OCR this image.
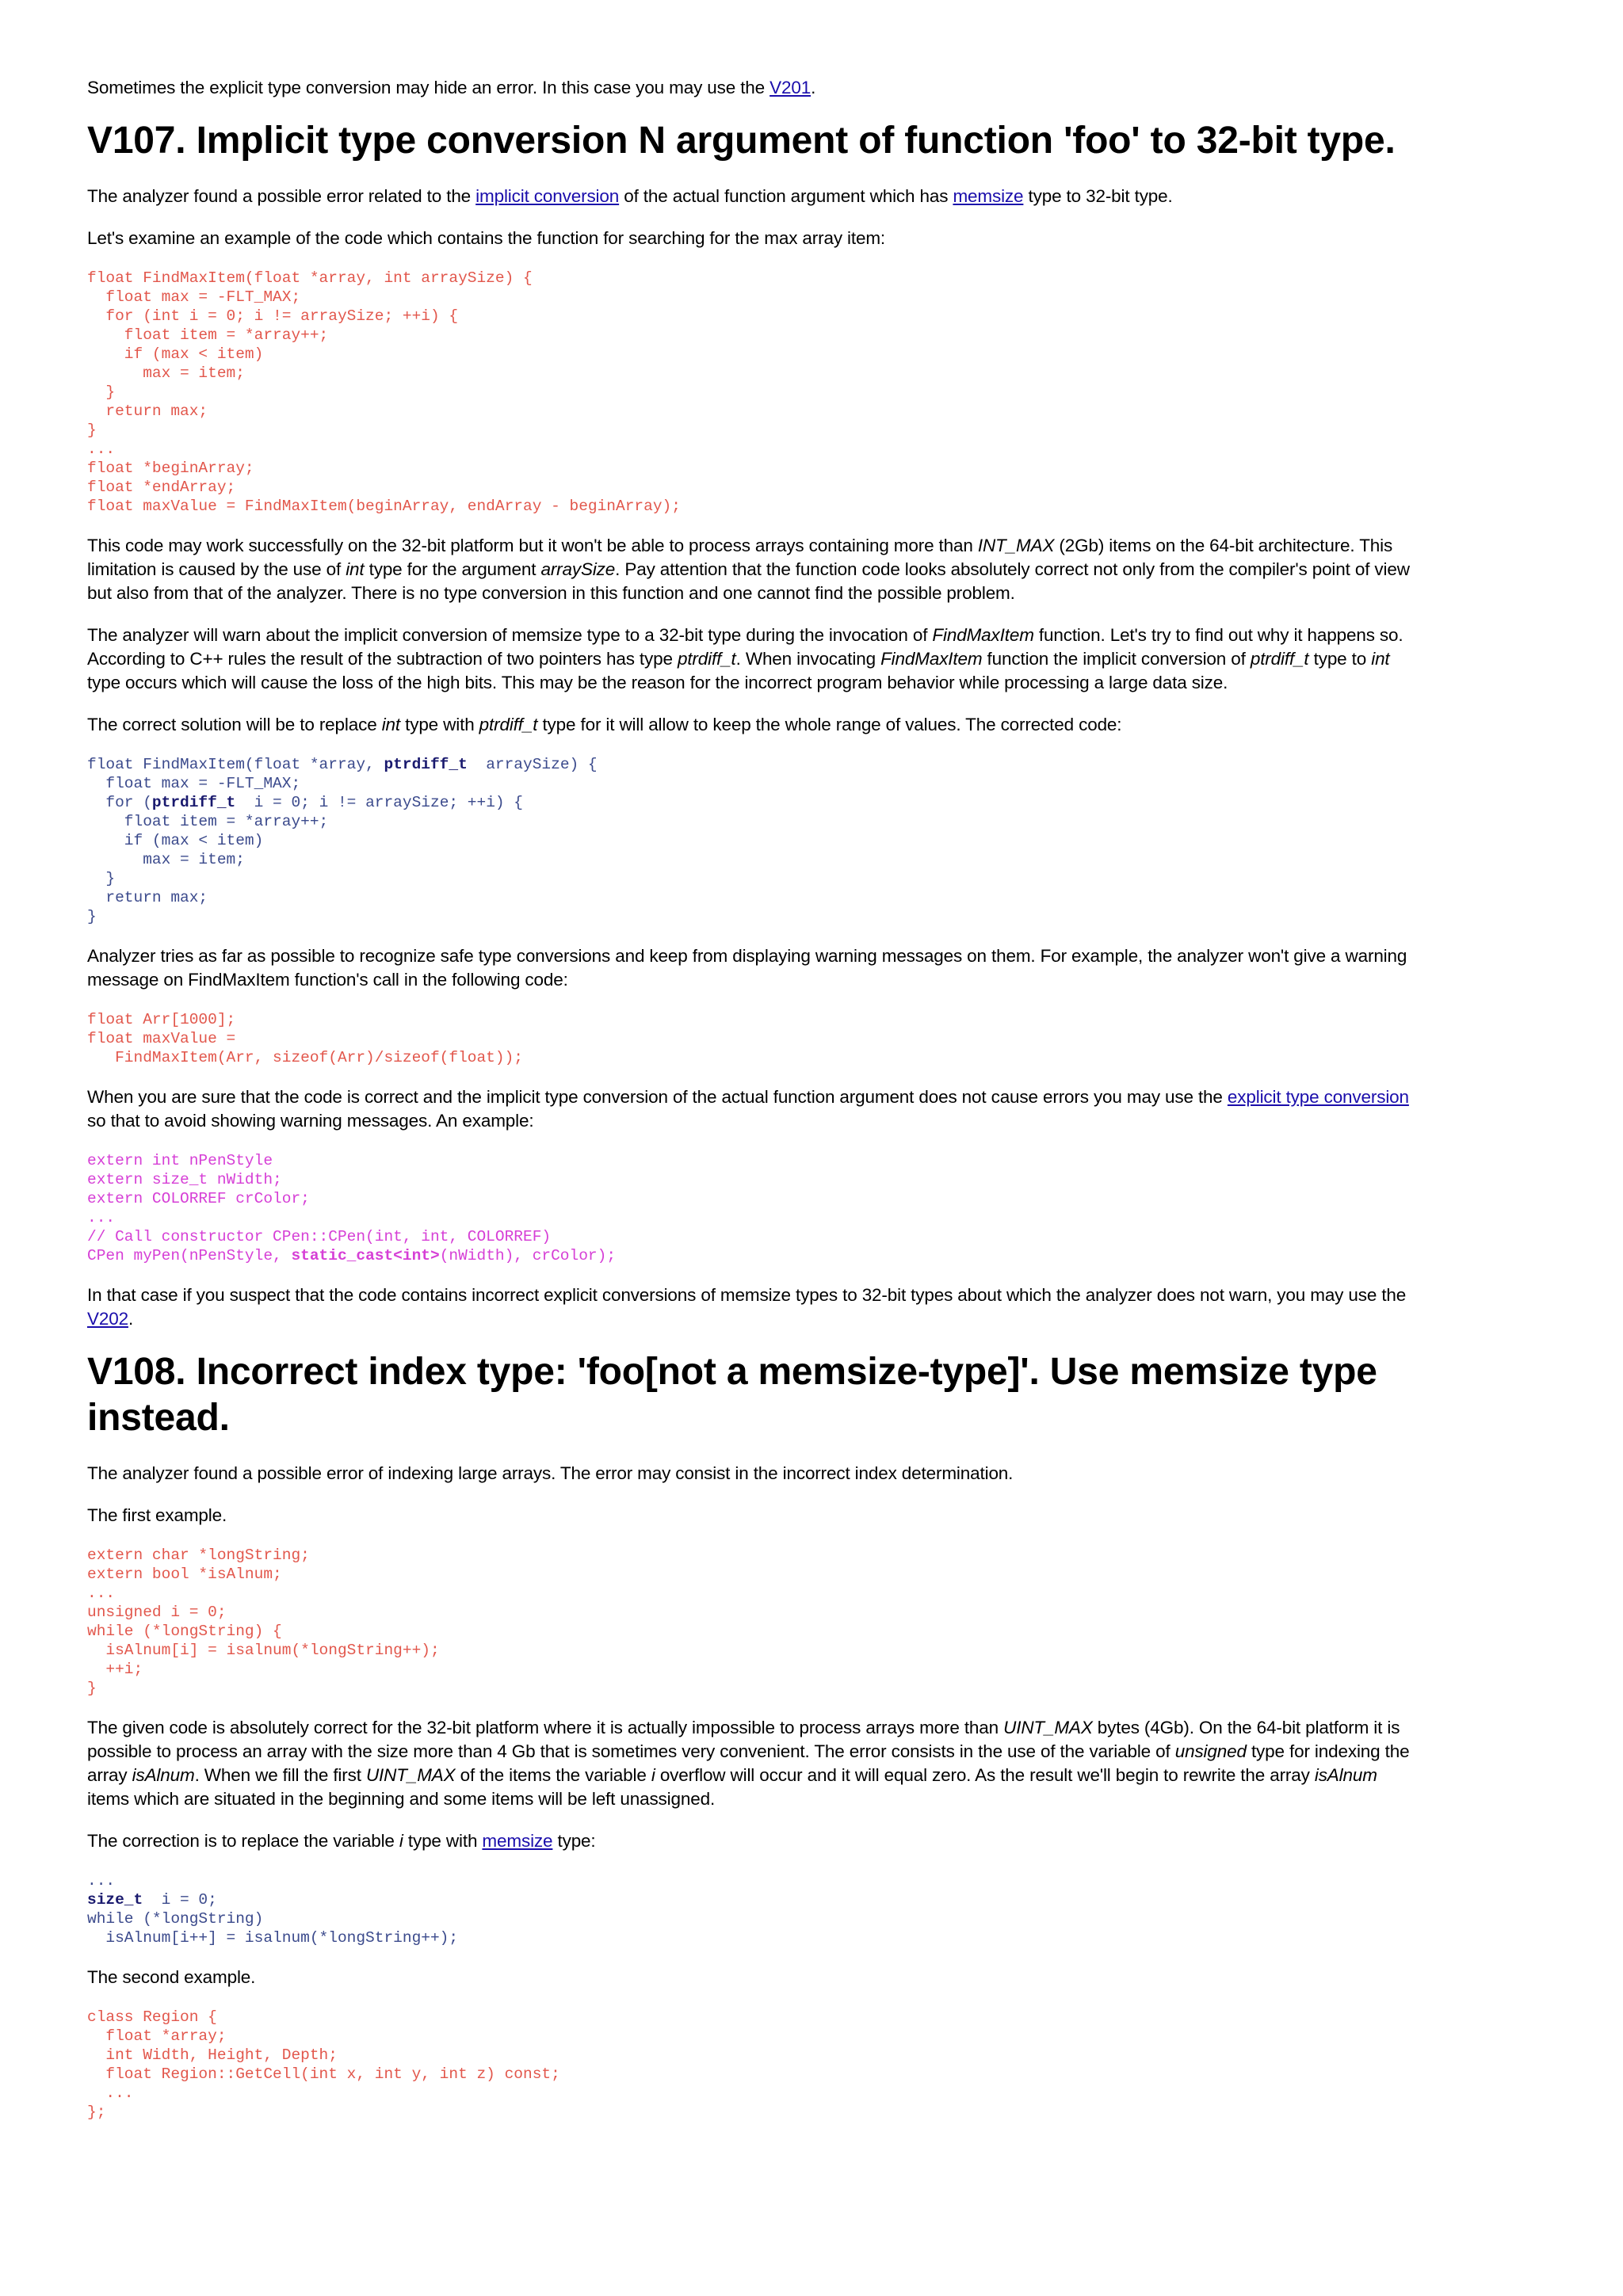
Sometimes the explicit type conversion may hide an error. In this case you may use the V201.

V107. Implicit type conversion N argument of function 'foo' to 32-bit type.

The analyzer found a possible error related to the implicit conversion of the actual function argument which has memsize type to 32-bit type.

Let's examine an example of the code which contains the function for searching for the max array item:

float FindMaxItem(float *array, int arraySize) {
float max = -FLT_MAX;
for (int i = 0; i != arraySize; ++i) {
float item = *array++;
if (max < item)
max = item;
}
return max;
}
...
float *beginArray;
float *endArray;
float maxValue = FindMaxItem(beginArray, endArray - beginArray);

This code may work successfully on the 32-bit platform but it won't be able to process arrays containing more than INT_MAX (2Gb) items on the 64-bit architecture. This limitation is caused by the use of int type for the argument arraySize. Pay attention that the function code looks absolutely correct not only from the compiler's point of view but also from that of the analyzer. There is no type conversion in this function and one cannot find the possible problem.

The analyzer will warn about the implicit conversion of memsize type to a 32-bit type during the invocation of FindMaxItem function. Let's try to find out why it happens so. According to C++ rules the result of the subtraction of two pointers has type ptrdiff_t. When invocating FindMaxItem function the implicit conversion of ptrdiff_t type to int type occurs which will cause the loss of the high bits. This may be the reason for the incorrect program behavior while processing a large data size.

The correct solution will be to replace int type with ptrdiff_t type for it will allow to keep the whole range of values. The corrected code:

float FindMaxItem(float *array, ptrdiff_t  arraySize) {
float max = -FLT_MAX;
for (ptrdiff_t  i = 0; i != arraySize; ++i) {
float item = *array++;
if (max < item)
max = item;
}
return max;
}

Analyzer tries as far as possible to recognize safe type conversions and keep from displaying warning messages on them. For example, the analyzer won't give a warning message on FindMaxItem function's call in the following code:

float Arr[1000];
float maxValue =
FindMaxItem(Arr, sizeof(Arr)/sizeof(float));

When you are sure that the code is correct and the implicit type conversion of the actual function argument does not cause errors you may use the explicit type conversion so that to avoid showing warning messages. An example:

extern int nPenStyle
extern size_t nWidth;
extern COLORREF crColor;
...
// Call constructor CPen::CPen(int, int, COLORREF)
CPen myPen(nPenStyle, static_cast<int>(nWidth), crColor);

In that case if you suspect that the code contains incorrect explicit conversions of memsize types to 32-bit types about which the analyzer does not warn, you may use the V202.

V108. Incorrect index type: 'foo[not a memsize-type]'. Use memsize type instead.

The analyzer found a possible error of indexing large arrays. The error may consist in the incorrect index determination.

The first example.

extern char *longString;
extern bool *isAlnum;
...
unsigned i = 0;
while (*longString) {
isAlnum[i] = isalnum(*longString++);
++i;
}

The given code is absolutely correct for the 32-bit platform where it is actually impossible to process arrays more than UINT_MAX bytes (4Gb). On the 64-bit platform it is possible to process an array with the size more than 4 Gb that is sometimes very convenient. The error consists in the use of the variable of unsigned type for indexing the array isAlnum. When we fill the first UINT_MAX of the items the variable i overflow will occur and it will equal zero. As the result we'll begin to rewrite the array isAlnum items which are situated in the beginning and some items will be left unassigned.

The correction is to replace the variable i type with memsize type:

...
size_t  i = 0;
while (*longString)
isAlnum[i++] = isalnum(*longString++);

The second example.

class Region {
float *array;
int Width, Height, Depth;
float Region::GetCell(int x, int y, int z) const;
...
};
